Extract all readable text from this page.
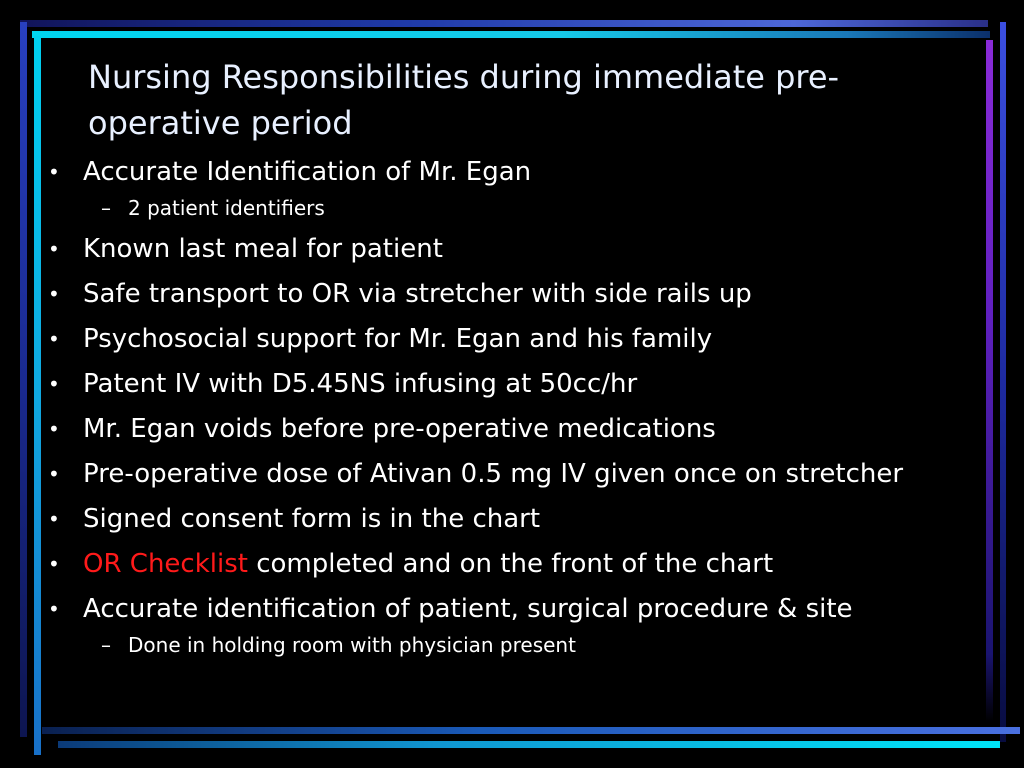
Nursing Responsibilities during immediate pre-operative period
• Accurate Identification of Mr. Egan
– 2 patient identifiers
• Known last meal for patient
• Safe transport to OR via stretcher with side rails up
• Psychosocial support for Mr. Egan and his family
• Patent IV with D5.45NS infusing at 50cc/hr
• Mr. Egan voids before pre-operative medications
• Pre-operative dose of Ativan 0.5 mg IV given once on stretcher
• Signed consent form is in the chart
• OR Checklist completed and on the front of the chart
• Accurate identification of patient, surgical procedure & site
– Done in holding room with physician present
